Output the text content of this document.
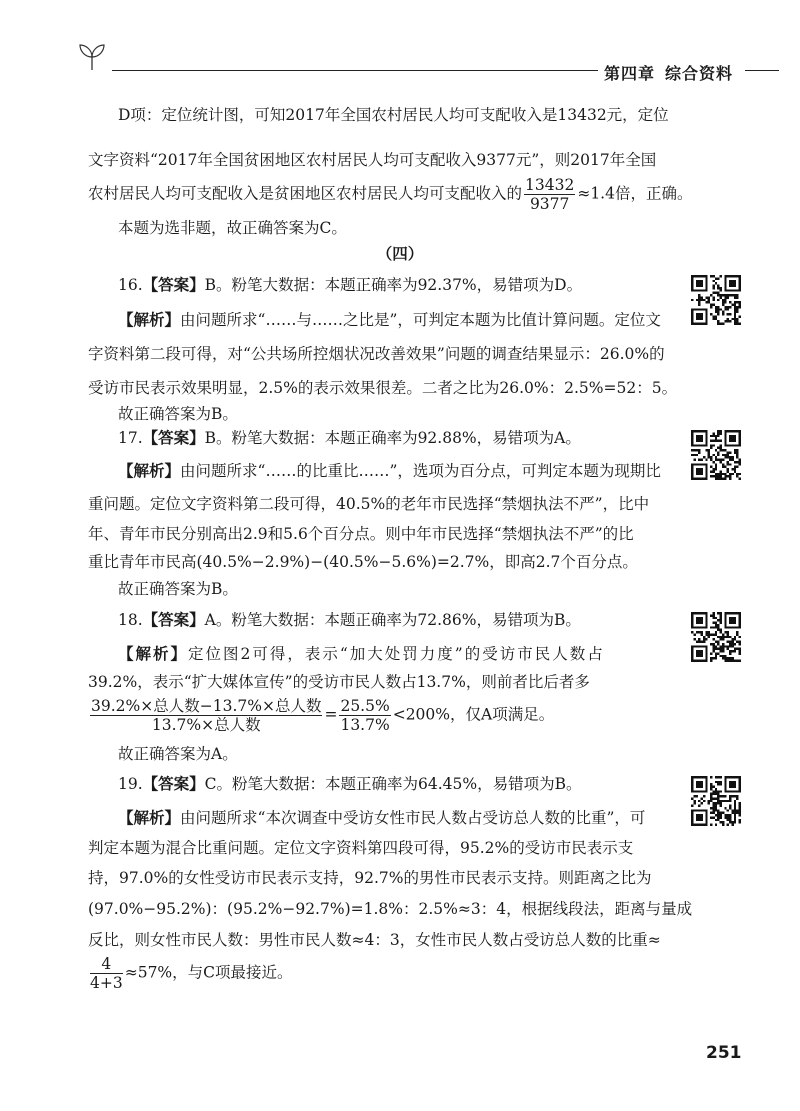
第四章 综合资料
D项：定位统计图，可知2017年全国农村居民人均可支配收入是13432元，定位
文字资料“2017年全国贫困地区农村居民人均可支配收入9377元”，则2017年全国
农村居民人均可支配收入是贫困地区农村居民人均可支配收入的 $\frac{13432}{9377} \approx 1.4$倍，正确。
本题为选非题，故正确答案为C。
（四）
16.【答案】B。粉笔大数据：本题正确率为92.37%，易错项为D。
【解析】由问题所求“……与……之比是”，可判定本题为比值计算问题。定位文
字资料第二段可得，对“公共场所控烟状况改善效果”问题的调查结果显示：26.0%的
受访市民表示效果明显，2.5%的表示效果很差。二者之比为26.0%：2.5%=52：5。
故正确答案为B。
17.【答案】B。粉笔大数据：本题正确率为92.88%，易错项为A。
【解析】由问题所求“……的比重比……”，选项为百分点，可判定本题为现期比
重问题。定位文字资料第二段可得，40.5%的老年市民选择“禁烟执法不严”，比中
年、青年市民分别高出2.9和5.6个百分点。则中年市民选择“禁烟执法不严”的比
重比青年市民高(40.5%−2.9%)−(40.5%−5.6%)=2.7%，即高2.7个百分点。
故正确答案为B。
18.【答案】A。粉笔大数据：本题正确率为72.86%，易错项为B。
【解析】定位图2可得，表示“加大处罚力度”的受访市民人数占
39.2%，表示“扩大媒体宣传”的受访市民人数占13.7%，则前者比后者多
$\frac{\text{39.2\%×总人数−13.7\%×总人数}}{\text{13.7\%×总人数}} = \frac{25.5\%}{13.7\%} <200\%$，仅A项满足。
故正确答案为A。
19.【答案】C。粉笔大数据：本题正确率为64.45%，易错项为B。
【解析】由问题所求“本次调查中受访女性市民人数占受访总人数的比重”，可
判定本题为混合比重问题。定位文字资料第四段可得，95.2%的受访市民表示支
持，97.0%的女性受访市民表示支持，92.7%的男性市民表示支持。则距离之比为
(97.0%−95.2%)：(95.2%−92.7%)=1.8%：2.5%≈3：4，根据线段法，距离与量成
反比，则女性市民人数：男性市民人数≈4：3，女性市民人数占受访总人数的比重≈
$\frac{4}{4+3} \approx 57\%$，与C项最接近。
251
